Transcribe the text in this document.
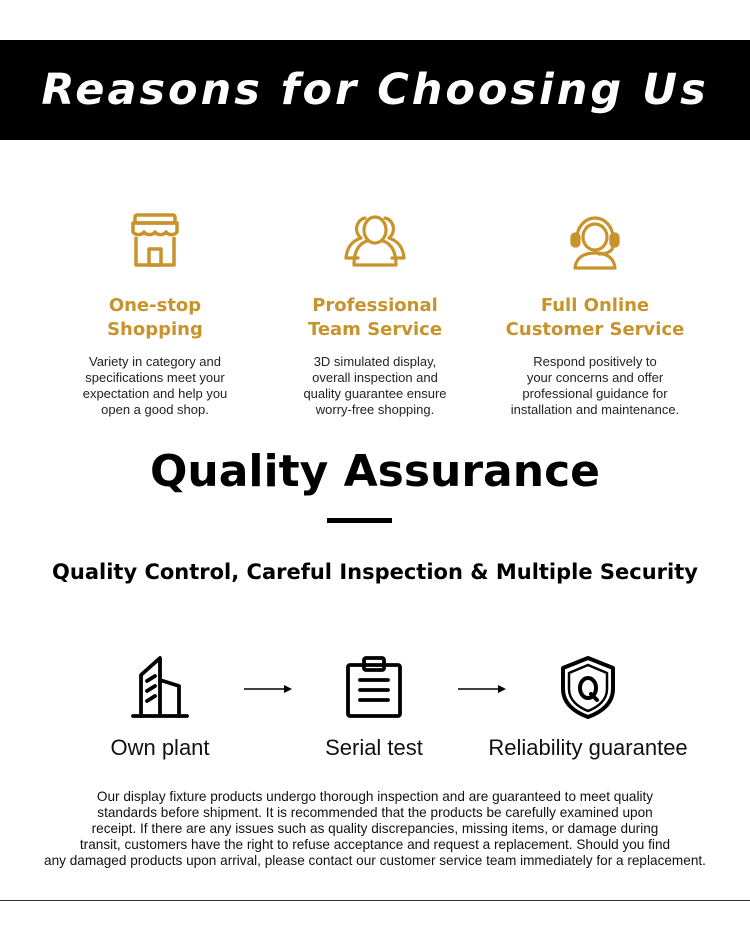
Reasons for Choosing Us
One-stop
Shopping
Variety in category and
specifications meet your
expectation and help you
open a good shop.
Professional
Team Service
3D simulated display,
overall inspection and
quality guarantee ensure
worry-free shopping.
Full Online
Customer Service
Respond positively to
your concerns and offer
professional guidance for
installation and maintenance.
Quality Assurance
Quality Control, Careful Inspection & Multiple Security
Own plant	Serial test	Reliability guarantee
Our display fixture products undergo thorough inspection and are guaranteed to meet quality
standards before shipment. It is recommended that the products be carefully examined upon
receipt. If there are any issues such as quality discrepancies, missing items, or damage during
transit, customers have the right to refuse acceptance and request a replacement. Should you find
any damaged products upon arrival, please contact our customer service team immediately for a replacement.
